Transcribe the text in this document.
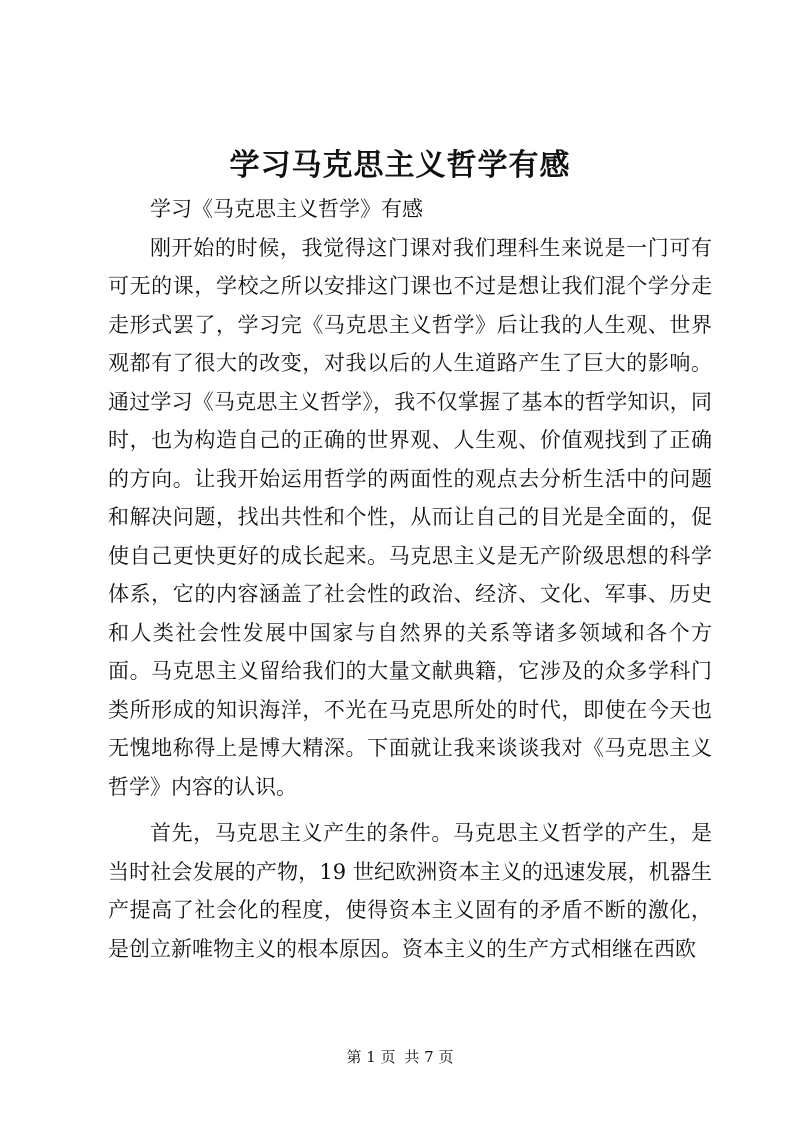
学习马克思主义哲学有感

学习《马克思主义哲学》有感

刚开始的时候，我觉得这门课对我们理科生来说是一门可有可无的课，学校之所以安排这门课也不过是想让我们混个学分走走形式罢了，学习完《马克思主义哲学》后让我的人生观、世界观都有了很大的改变，对我以后的人生道路产生了巨大的影响。通过学习《马克思主义哲学》，我不仅掌握了基本的哲学知识，同时，也为构造自己的正确的世界观、人生观、价值观找到了正确的方向。让我开始运用哲学的两面性的观点去分析生活中的问题和解决问题，找出共性和个性，从而让自己的目光是全面的，促使自己更快更好的成长起来。马克思主义是无产阶级思想的科学体系，它的内容涵盖了社会性的政治、经济、文化、军事、历史和人类社会性发展中国家与自然界的关系等诸多领域和各个方面。马克思主义留给我们的大量文献典籍，它涉及的众多学科门类所形成的知识海洋，不光在马克思所处的时代，即使在今天也无愧地称得上是博大精深。下面就让我来谈谈我对《马克思主义哲学》内容的认识。

首先，马克思主义产生的条件。马克思主义哲学的产生，是当时社会发展的产物，19 世纪欧洲资本主义的迅速发展，机器生产提高了社会化的程度，使得资本主义固有的矛盾不断的激化，是创立新唯物主义的根本原因。资本主义的生产方式相继在西欧

第 1 页 共 7 页
